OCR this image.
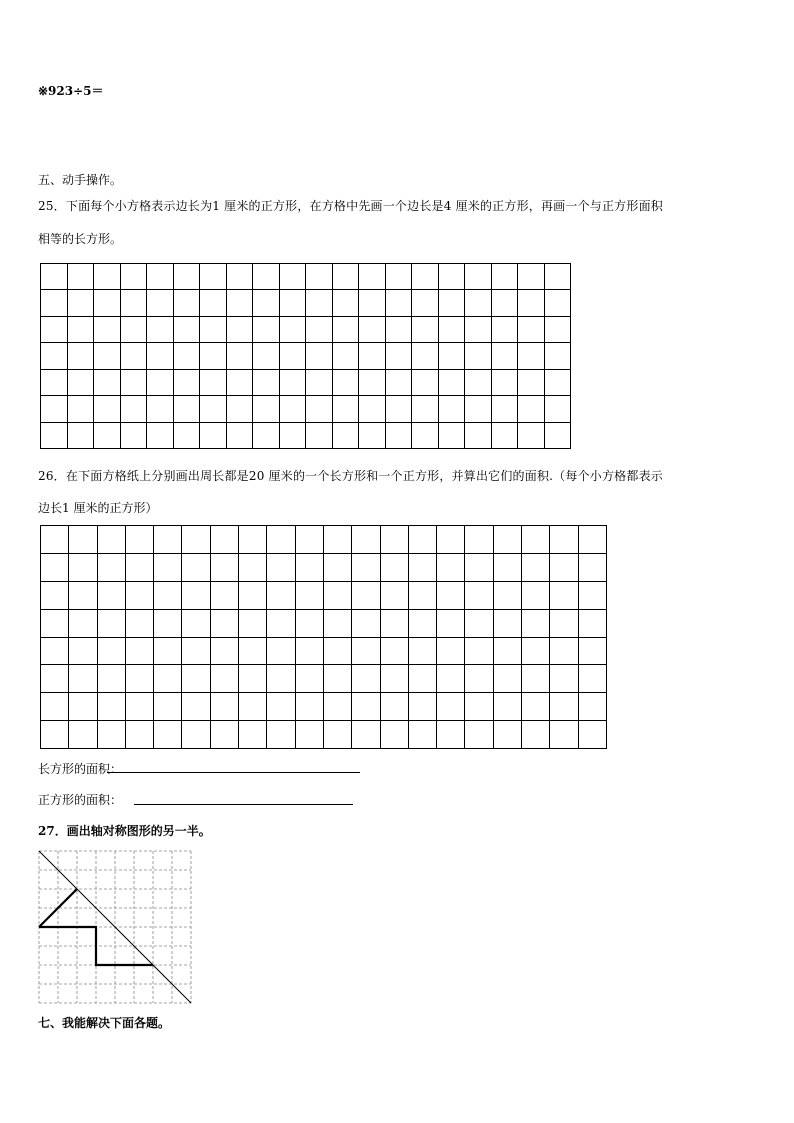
※923÷5＝
五、动手操作。
25．下面每个小方格表示边长为1 厘米的正方形，在方格中先画一个边长是4 厘米的正方形，再画一个与正方形面积
相等的长方形。
26．在下面方格纸上分别画出周长都是20 厘米的一个长方形和一个正方形，并算出它们的面积.（每个小方格都表示
边长1 厘米的正方形）
长方形的面积：
正方形的面积：
27．画出轴对称图形的另一半。
七、我能解决下面各题。
